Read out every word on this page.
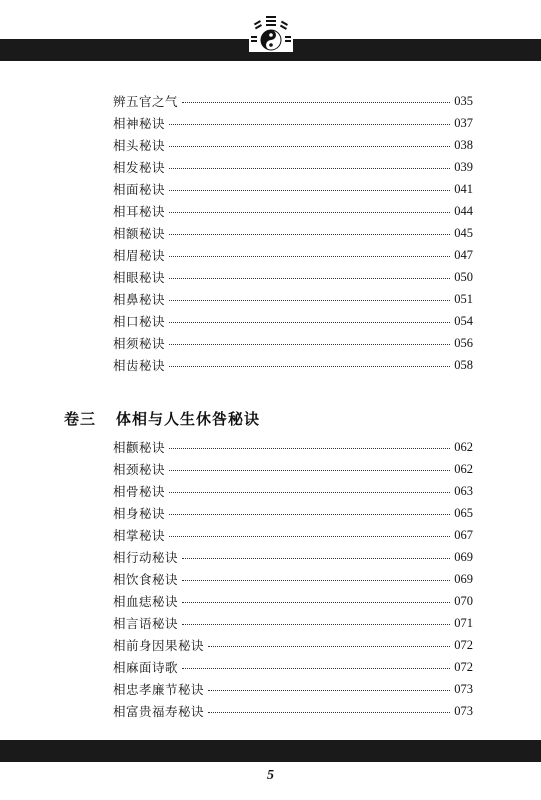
辨五官之气	035
相神秘诀	037
相头秘诀	038
相发秘诀	039
相面秘诀	041
相耳秘诀	044
相额秘诀	045
相眉秘诀	047
相眼秘诀	050
相鼻秘诀	051
相口秘诀	054
相须秘诀	056
相齿秘诀	058
卷三 体相与人生休咎秘诀
相颧秘诀	062
相颈秘诀	062
相骨秘诀	063
相身秘诀	065
相掌秘诀	067
相行动秘诀	069
相饮食秘诀	069
相血痣秘诀	070
相言语秘诀	071
相前身因果秘诀	072
相麻面诗歌	072
相忠孝廉节秘诀	073
相富贵福寿秘诀	073
5
